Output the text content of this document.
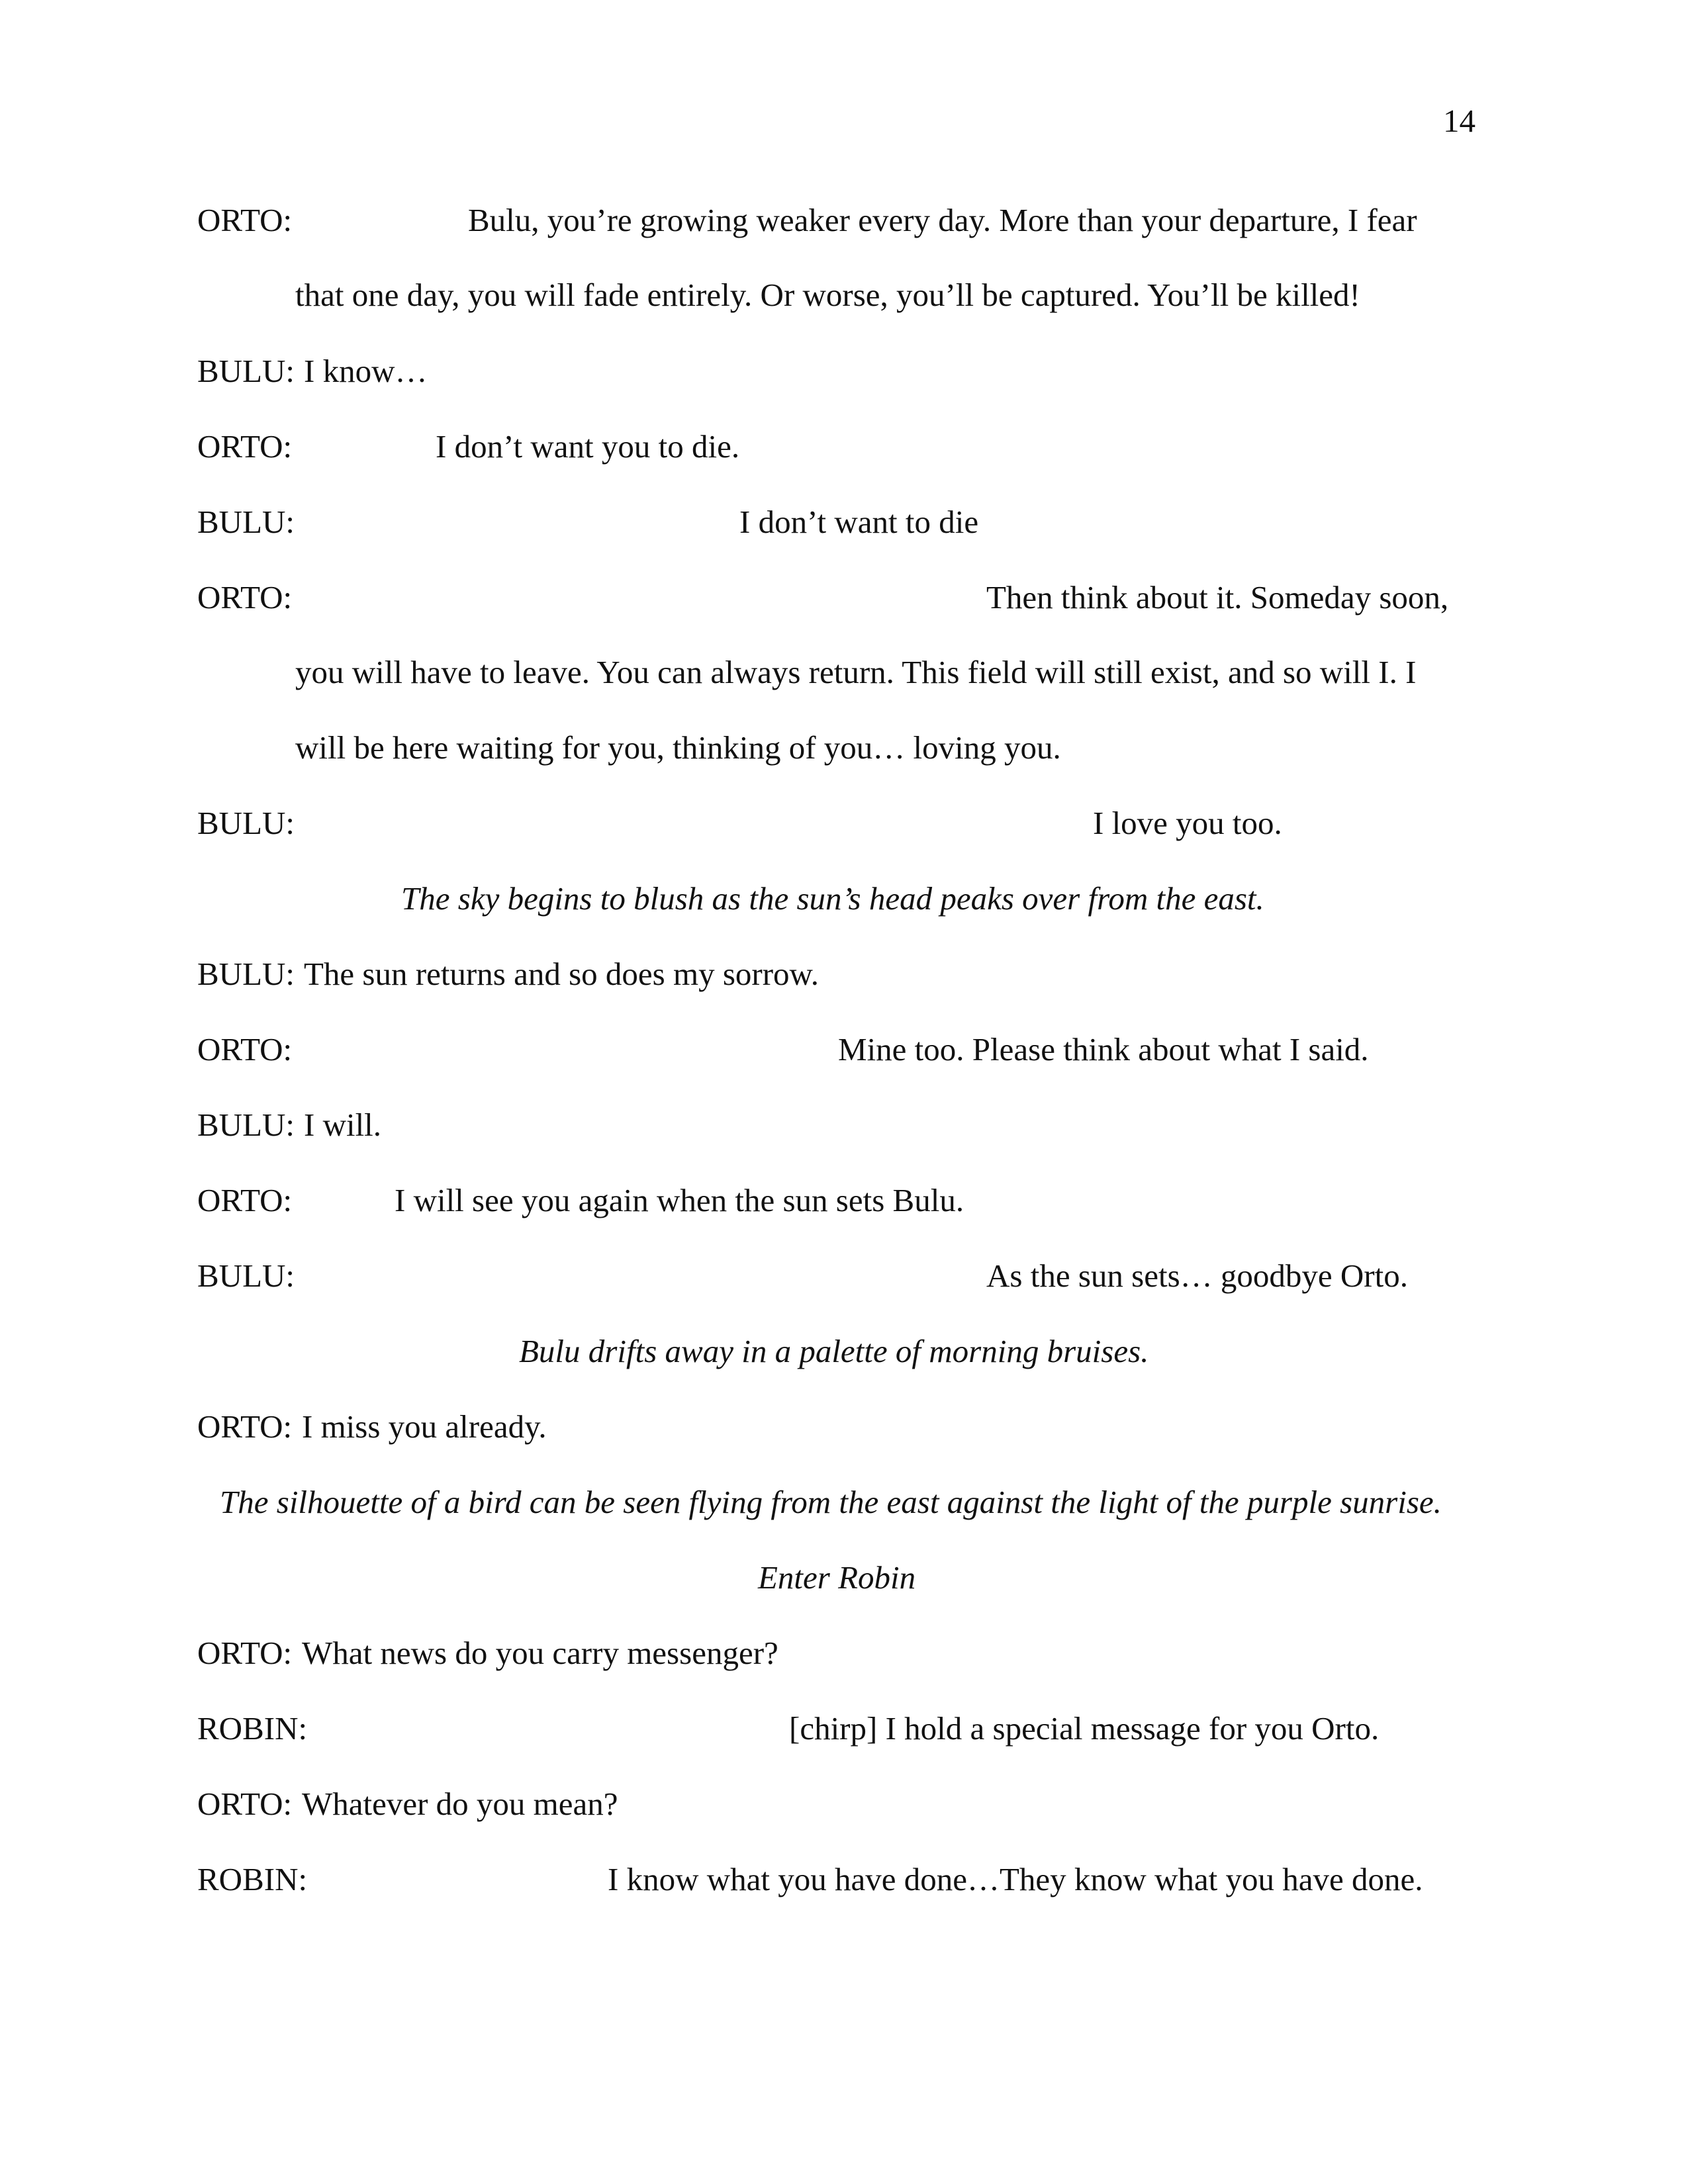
14
ORTO:	Bulu, you’re growing weaker every day. More than your departure, I fear
that one day, you will fade entirely. Or worse, you’ll be captured. You’ll be killed!
BULU: I know…
ORTO:	I don’t want you to die.
BULU:	I don’t want to die
ORTO:	Then think about it. Someday soon,
you will have to leave. You can always return. This field will still exist, and so will I. I
will be here waiting for you, thinking of you… loving you.
BULU:	I love you too.
The sky begins to blush as the sun’s head peaks over from the east.
BULU: The sun returns and so does my sorrow.
ORTO:	Mine too. Please think about what I said.
BULU: I will.
ORTO:	I will see you again when the sun sets Bulu.
BULU:	As the sun sets… goodbye Orto.
Bulu drifts away in a palette of morning bruises.
ORTO: I miss you already.
The silhouette of a bird can be seen flying from the east against the light of the purple sunrise.
Enter Robin
ORTO: What news do you carry messenger?
ROBIN:	[chirp] I hold a special message for you Orto.
ORTO: Whatever do you mean?
ROBIN:	I know what you have done…They know what you have done.
